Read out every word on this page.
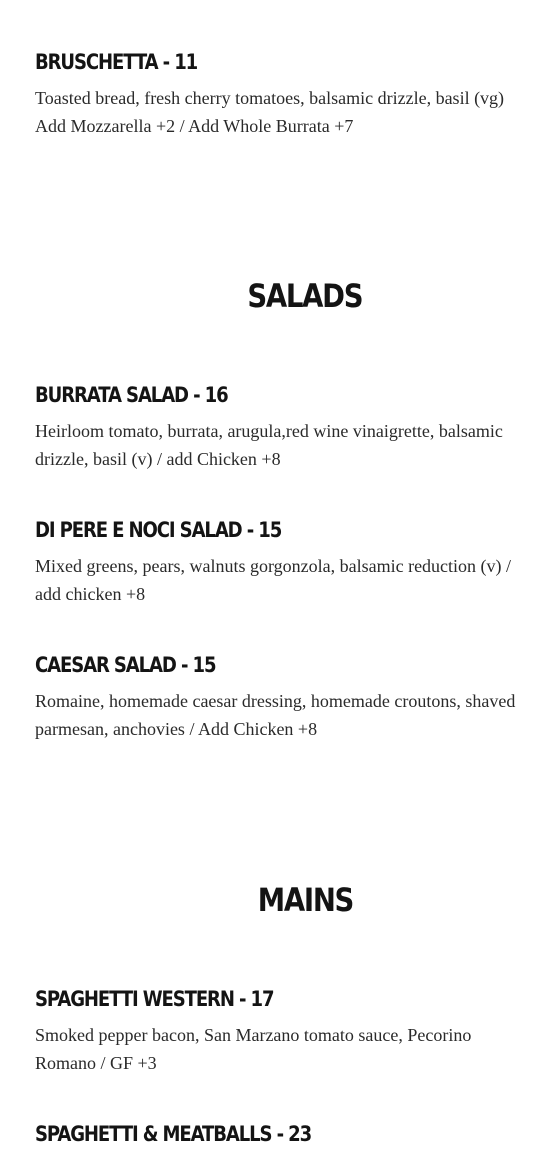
BRUSCHETTA - 11

Toasted bread, fresh cherry tomatoes, balsamic drizzle, basil (vg) Add Mozzarella +2 / Add Whole Burrata +7

SALADS
BURRATA SALAD - 16

Heirloom tomato, burrata, arugula,red wine vinaigrette, balsamic drizzle, basil (v) / add Chicken +8

DI PERE E NOCI SALAD - 15

Mixed greens, pears, walnuts gorgonzola, balsamic reduction (v) / add chicken +8

CAESAR SALAD - 15

Romaine, homemade caesar dressing, homemade croutons, shaved parmesan, anchovies / Add Chicken +8

MAINS
SPAGHETTI WESTERN - 17

Smoked pepper bacon, San Marzano tomato sauce, Pecorino Romano / GF +3

SPAGHETTI & MEATBALLS - 23
